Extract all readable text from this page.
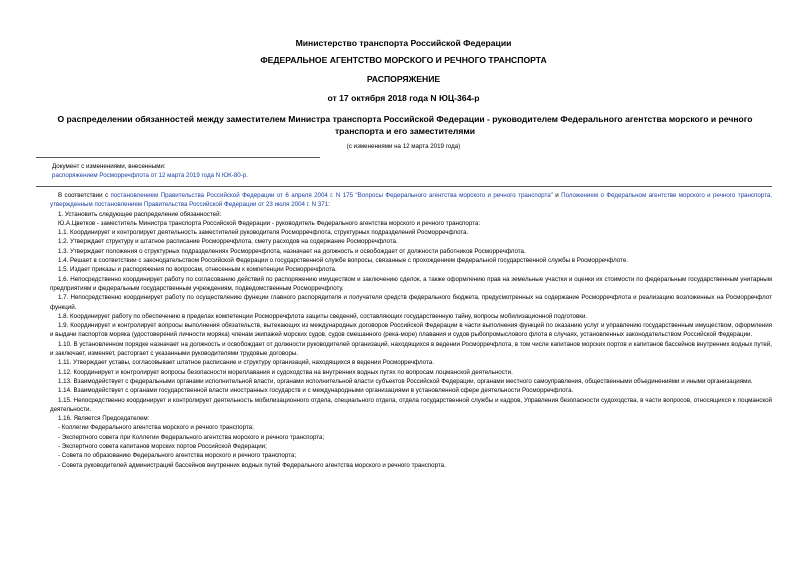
Министерство транспорта Российской Федерации
ФЕДЕРАЛЬНОЕ АГЕНТСТВО МОРСКОГО И РЕЧНОГО ТРАНСПОРТА
РАСПОРЯЖЕНИЕ
от 17 октября 2018 года N ЮЦ-364-р
О распределении обязанностей между заместителем Министра транспорта Российской Федерации - руководителем Федерального агентства морского и речного транспорта и его заместителями
(с изменениями на 12 марта 2019 года)
Документ с изменениями, внесенными:
распоряжением Росморречфлота от 12 марта 2019 года N ЮК-80-р.

В соответствии с постановлением Правительства Российской Федерации от 6 апреля 2004 г. N 175 "Вопросы Федерального агентства морского и речного транспорта" и Положением о Федеральном агентстве морского и речного транспорта, утвержденным постановлением Правительства Российской Федерации от 23 июля 2004 г. N 371:

1. Установить следующее распределение обязанностей:

Ю.А.Цветков - заместитель Министра транспорта Российской Федерации - руководитель Федерального агентства морского и речного транспорта:

1.1. Координирует и контролирует деятельность заместителей руководителя Росморречфлота, структурных подразделений Росморречфлота.

1.2. Утверждает структуру и штатное расписание Росморречфлота, смету расходов на содержание Росморречфлота.

1.3. Утверждает положения о структурных подразделениях Росморречфлота, назначает на должность и освобождает от должности работников Росморречфлота.

1.4. Решает в соответствии с законодательством Российской Федерации о государственной службе вопросы, связанные с прохождением федеральной государственной службы в Росморречфлоте.

1.5. Издает приказы и распоряжения по вопросам, отнесенным к компетенции Росморречфлота.

1.6. Непосредственно координирует работу по согласованию действий по распоряжению имуществом и заключению сделок, а также оформлению прав на земельные участки и оценки их стоимости по федеральным государственным унитарным предприятиям и федеральным государственным учреждениям, подведомственным Росморречфлоту.

1.7. Непосредственно координирует работу по осуществлению функции главного распорядителя и получателя средств федерального бюджета, предусмотренных на содержание Росморречфлота и реализацию возложенных на Росморречфлот функций.

1.8. Координирует работу по обеспечению в пределах компетенции Росморречфлота защиты сведений, составляющих государственную тайну, вопросы мобилизационной подготовки.

1.9. Координирует и контролирует вопросы выполнения обязательств, вытекающих из международных договоров Российской Федерации в части выполнения функций по оказанию услуг и управлению государственным имуществом, оформления и выдачи паспортов моряка (удостоверений личности моряка) членам экипажей морских судов, судов смешанного (река-море) плавания и судов рыбопромыслового флота в случаях, установленных законодательством Российской Федерации.

1.10. В установленном порядке назначает на должность и освобождает от должности руководителей организаций, находящихся в ведении Росморречфлота, в том числе капитанов морских портов и капитанов бассейнов внутренних водных путей, и заключает, изменяет, расторгает с указанными руководителями трудовые договоры.

1.11. Утверждает уставы, согласовывает штатное расписание и структуру организаций, находящихся в ведении Росморречфлота.

1.12. Координирует и контролирует вопросы безопасности мореплавания и судоходства на внутренних водных путях по вопросам лоцманской деятельности.

1.13. Взаимодействует с федеральными органами исполнительной власти, органами исполнительной власти субъектов Российской Федерации, органами местного самоуправления, общественными объединениями и иными организациями.

1.14. Взаимодействует с органами государственной власти иностранных государств и с международными организациями в установленной сфере деятельности Росморречфлота.

1.15. Непосредственно координирует и контролирует деятельность мобилизационного отдела, специального отдела, отдела государственной службы и кадров, Управления безопасности судоходства, в части вопросов, относящихся к лоцманской деятельности.

1.16. Является Председателем:

- Коллегии Федерального агентства морского и речного транспорта;

- Экспертного совета при Коллегии Федерального агентства морского и речного транспорта;

- Экспертного совета капитанов морских портов Российской Федерации;

- Совета по образованию Федерального агентства морского и речного транспорта;

- Совета руководителей администраций бассейнов внутренних водных путей Федерального агентства морского и речного транспорта.
